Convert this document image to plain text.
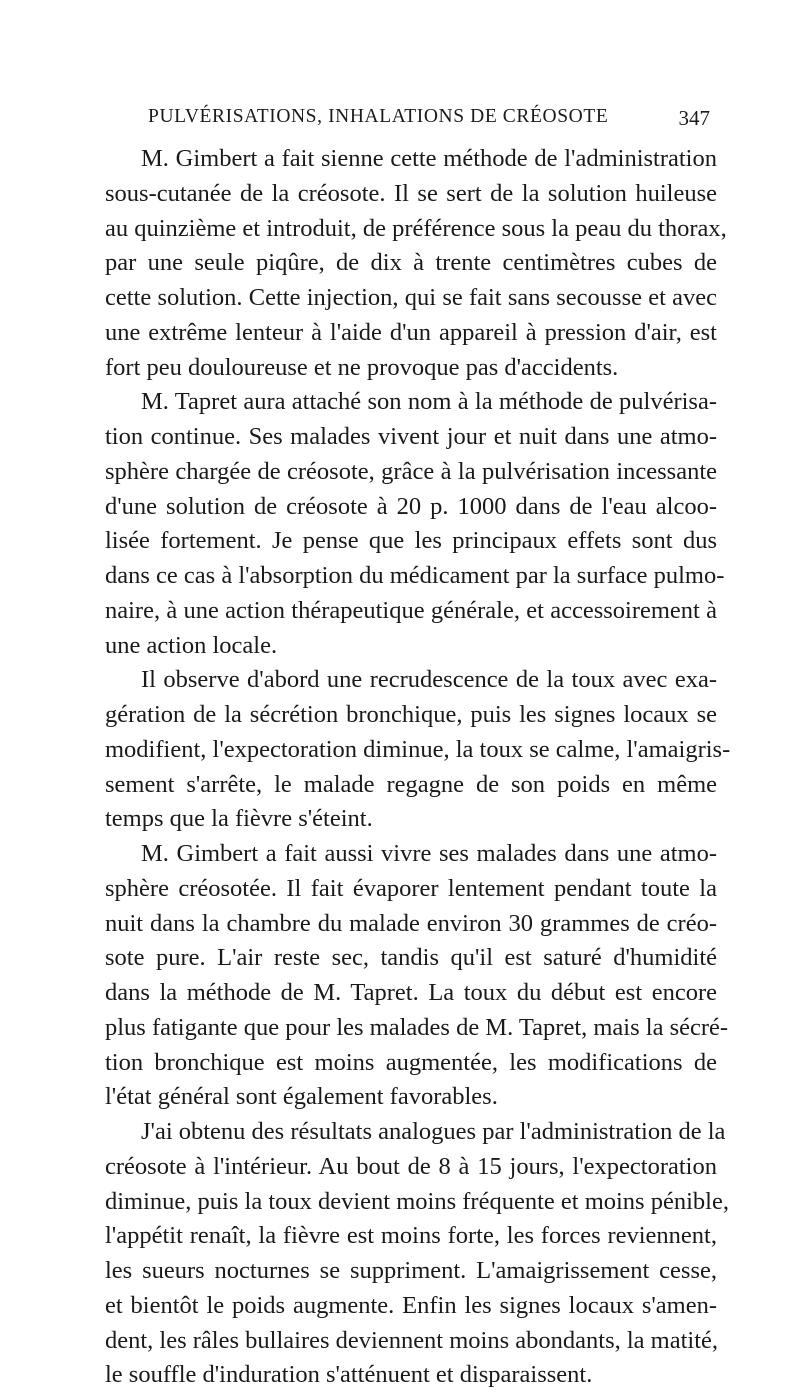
PULVÉRISATIONS, INHALATIONS DE CRÉOSOTE	347
M. Gimbert a fait sienne cette méthode de l'administration
sous-cutanée de la créosote. Il se sert de la solution huileuse
au quinzième et introduit, de préférence sous la peau du thorax,
par une seule piqûre, de dix à trente centimètres cubes de
cette solution. Cette injection, qui se fait sans secousse et avec
une extrême lenteur à l'aide d'un appareil à pression d'air, est
fort peu douloureuse et ne provoque pas d'accidents.
M. Tapret aura attaché son nom à la méthode de pulvérisa-
tion continue. Ses malades vivent jour et nuit dans une atmo-
sphère chargée de créosote, grâce à la pulvérisation incessante
d'une solution de créosote à 20 p. 1000 dans de l'eau alcoo-
lisée fortement. Je pense que les principaux effets sont dus
dans ce cas à l'absorption du médicament par la surface pulmo-
naire, à une action thérapeutique générale, et accessoirement à
une action locale.
Il observe d'abord une recrudescence de la toux avec exa-
gération de la sécrétion bronchique, puis les signes locaux se
modifient, l'expectoration diminue, la toux se calme, l'amaigris-
sement s'arrête, le malade regagne de son poids en même
temps que la fièvre s'éteint.
M. Gimbert a fait aussi vivre ses malades dans une atmo-
sphère créosotée. Il fait évaporer lentement pendant toute la
nuit dans la chambre du malade environ 30 grammes de créo-
sote pure. L'air reste sec, tandis qu'il est saturé d'humidité
dans la méthode de M. Tapret. La toux du début est encore
plus fatigante que pour les malades de M. Tapret, mais la sécré-
tion bronchique est moins augmentée, les modifications de
l'état général sont également favorables.
J'ai obtenu des résultats analogues par l'administration de la
créosote à l'intérieur. Au bout de 8 à 15 jours, l'expectoration
diminue, puis la toux devient moins fréquente et moins pénible,
l'appétit renaît, la fièvre est moins forte, les forces reviennent,
les sueurs nocturnes se suppriment. L'amaigrissement cesse,
et bientôt le poids augmente. Enfin les signes locaux s'amen-
dent, les râles bullaires deviennent moins abondants, la matité,
le souffle d'induration s'atténuent et disparaissent.
